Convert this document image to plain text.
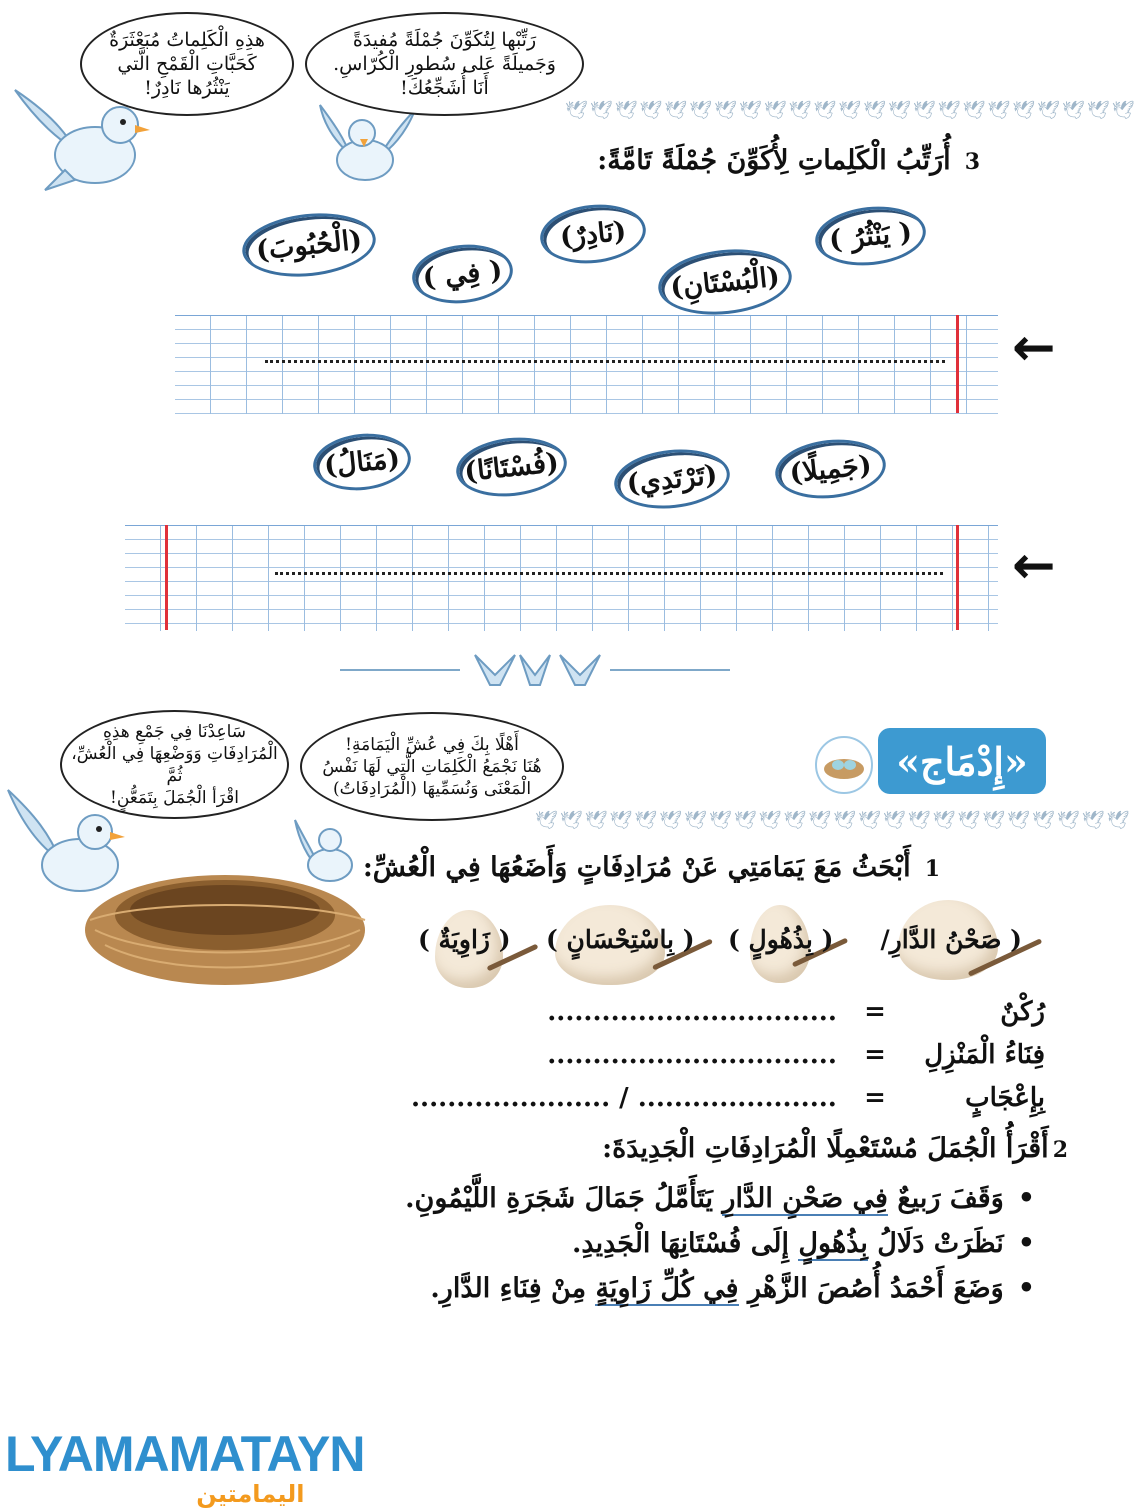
هذِهِ الْكَلِماتُ مُبَعْثَرَةٌ
كَحَبَّاتِ الْقَمْحِ الَّتي
يَنْثُرُها نَادِرٌ!
رَتِّبْها لِتُكَوِّنَ جُمْلَةً مُفيدَةً
وَجَميلَةً عَلى سُطورِ الْكُرّاسِ.
أَنَا أُشَجِّعُكَ!
🕊🕊🕊🕊🕊🕊🕊🕊🕊🕊🕊🕊🕊🕊🕊🕊🕊🕊🕊🕊🕊🕊🕊
3أُرَتِّبُ الْكَلِماتِ لِأُكَوِّنَ جُمْلَةً تَامَّةً:
(الْحُبُوبَ)	(نَادِرٌ)	( يَنْثُرُ )
( فِي )	(الْبُسْتَانِ)
←
(مَنَالُ) (فُسْتَانًا) (تَرْتَدِي)	(جَمِيلًا)
←
سَاعِدْنَا فِي جَمْعِ هذِهِ
الْمُرَادِفَاتِ وَوَضْعِهَا فِي الْعُشِّ، ثُمَّ
اقْرَأ الْجُمَلَ بِتَمَعُّنٍ!
أَهْلًا بِكَ فِي عُشِّ الْيَمَامَةِ!
هُنَا نَجْمَعُ الْكَلِمَاتِ الَّتِي لَهَا نَفْسُ
الْمَعْنَى وَنُسَمِّيهَا (الْمُرَادِفَاتُ)
«إِدْمَاج»
🕊🕊🕊🕊🕊🕊🕊🕊🕊🕊🕊🕊🕊🕊🕊🕊🕊🕊🕊🕊🕊🕊🕊🕊
1أَبْحَثُ مَعَ يَمَامَتِي عَنْ مُرَادِفَاتٍ وَأَضَعُهَا فِي الْعُشِّ:
( صَحْنُ الدَّارِ/
( بِذُهُولٍ )
( بِاسْتِحْسَانٍ )
( زَاوِيَةٌ )
رُكْنٌ = ................................
فِنَاءُ الْمَنْزِلِ = ................................
بِإِعْجَابٍ = ...................... / ......................
2أَقْرَأُ الْجُمَلَ مُسْتَعْمِلًا الْمُرَادِفَاتِ الْجَدِيدَةَ:
•وَقَفَ رَبيعٌ فِي صَحْنِ الدَّارِ يَتَأَمَّلُ جَمَالَ شَجَرَةِ اللَّيْمُونِ.
•نَظَرَتْ دَلَالُ بِذُهُولٍ إِلَى فُسْتَانِهَا الْجَدِيدِ.
•وَضَعَ أَحْمَدُ أُصُصَ الزَّهْرِ فِي كُلِّ زَاوِيَةٍ مِنْ فِنَاءِ الدَّارِ.
LYAMAMATAYN
اليمامتين
